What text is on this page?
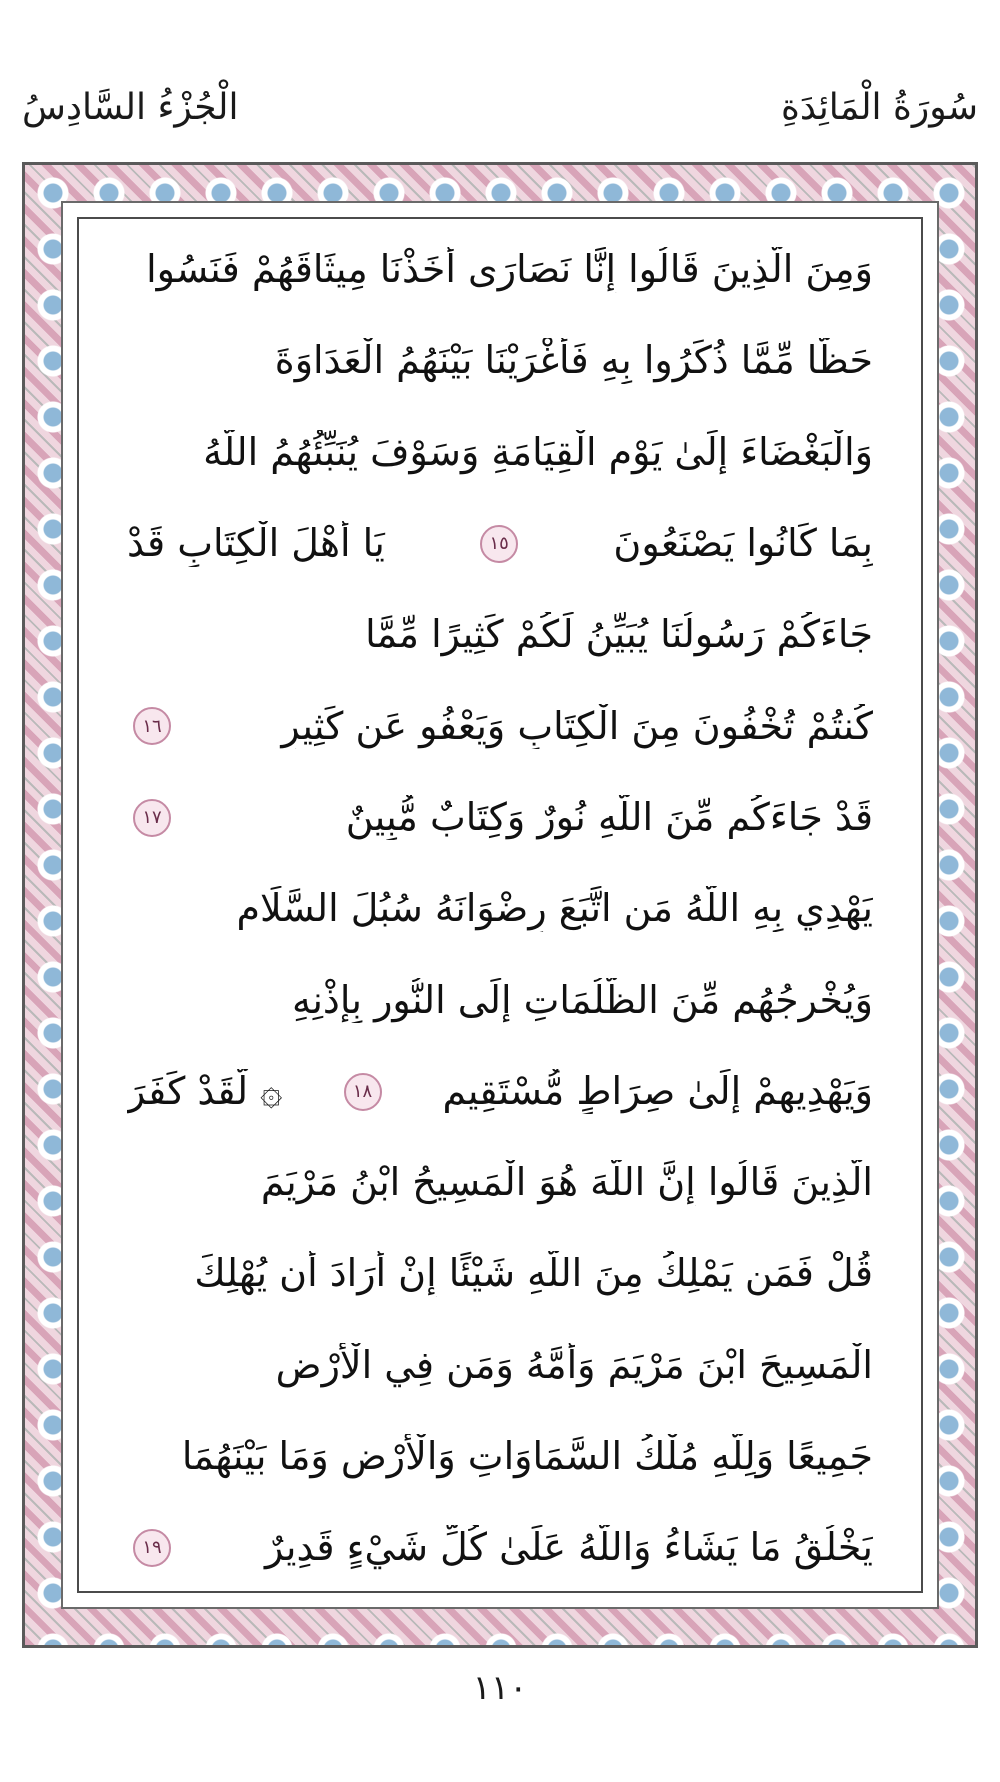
سُورَةُ الْمَائِدَةِ
الْجُزْءُ السَّادِسُ
وَمِنَ الَّذِينَ قَالُوا إِنَّا نَصَارَى أَخَذْنَا مِيثَاقَهُمْ فَنَسُوا
حَظًّا مِّمَّا ذُكِّرُوا بِهِ فَأَغْرَيْنَا بَيْنَهُمُ الْعَدَاوَةَ
وَالْبَغْضَاءَ إِلَىٰ يَوْمِ الْقِيَامَةِ وَسَوْفَ يُنَبِّئُهُمُ اللَّهُ
بِمَا كَانُوا يَصْنَعُونَ
١٥
يَا أَهْلَ الْكِتَابِ قَدْ
جَاءَكُمْ رَسُولُنَا يُبَيِّنُ لَكُمْ كَثِيرًا مِّمَّا
كُنتُمْ تُخْفُونَ مِنَ الْكِتَابِ وَيَعْفُو عَن كَثِيرٍ
١٦
قَدْ جَاءَكُم مِّنَ اللَّهِ نُورٌ وَكِتَابٌ مُّبِينٌ
١٧
يَهْدِي بِهِ اللَّهُ مَنِ اتَّبَعَ رِضْوَانَهُ سُبُلَ السَّلَامِ
وَيُخْرِجُهُم مِّنَ الظُّلُمَاتِ إِلَى النُّورِ بِإِذْنِهِ
وَيَهْدِيهِمْ إِلَىٰ صِرَاطٍ مُّسْتَقِيمٍ
١٨
۞ لَّقَدْ كَفَرَ
الَّذِينَ قَالُوا إِنَّ اللَّهَ هُوَ الْمَسِيحُ ابْنُ مَرْيَمَ
قُلْ فَمَن يَمْلِكُ مِنَ اللَّهِ شَيْئًا إِنْ أَرَادَ أَن يُهْلِكَ
الْمَسِيحَ ابْنَ مَرْيَمَ وَأُمَّهُ وَمَن فِي الْأَرْضِ
جَمِيعًا وَلِلَّهِ مُلْكُ السَّمَاوَاتِ وَالْأَرْضِ وَمَا بَيْنَهُمَا
يَخْلُقُ مَا يَشَاءُ وَاللَّهُ عَلَىٰ كُلِّ شَيْءٍ قَدِيرٌ
١٩
١١٠
